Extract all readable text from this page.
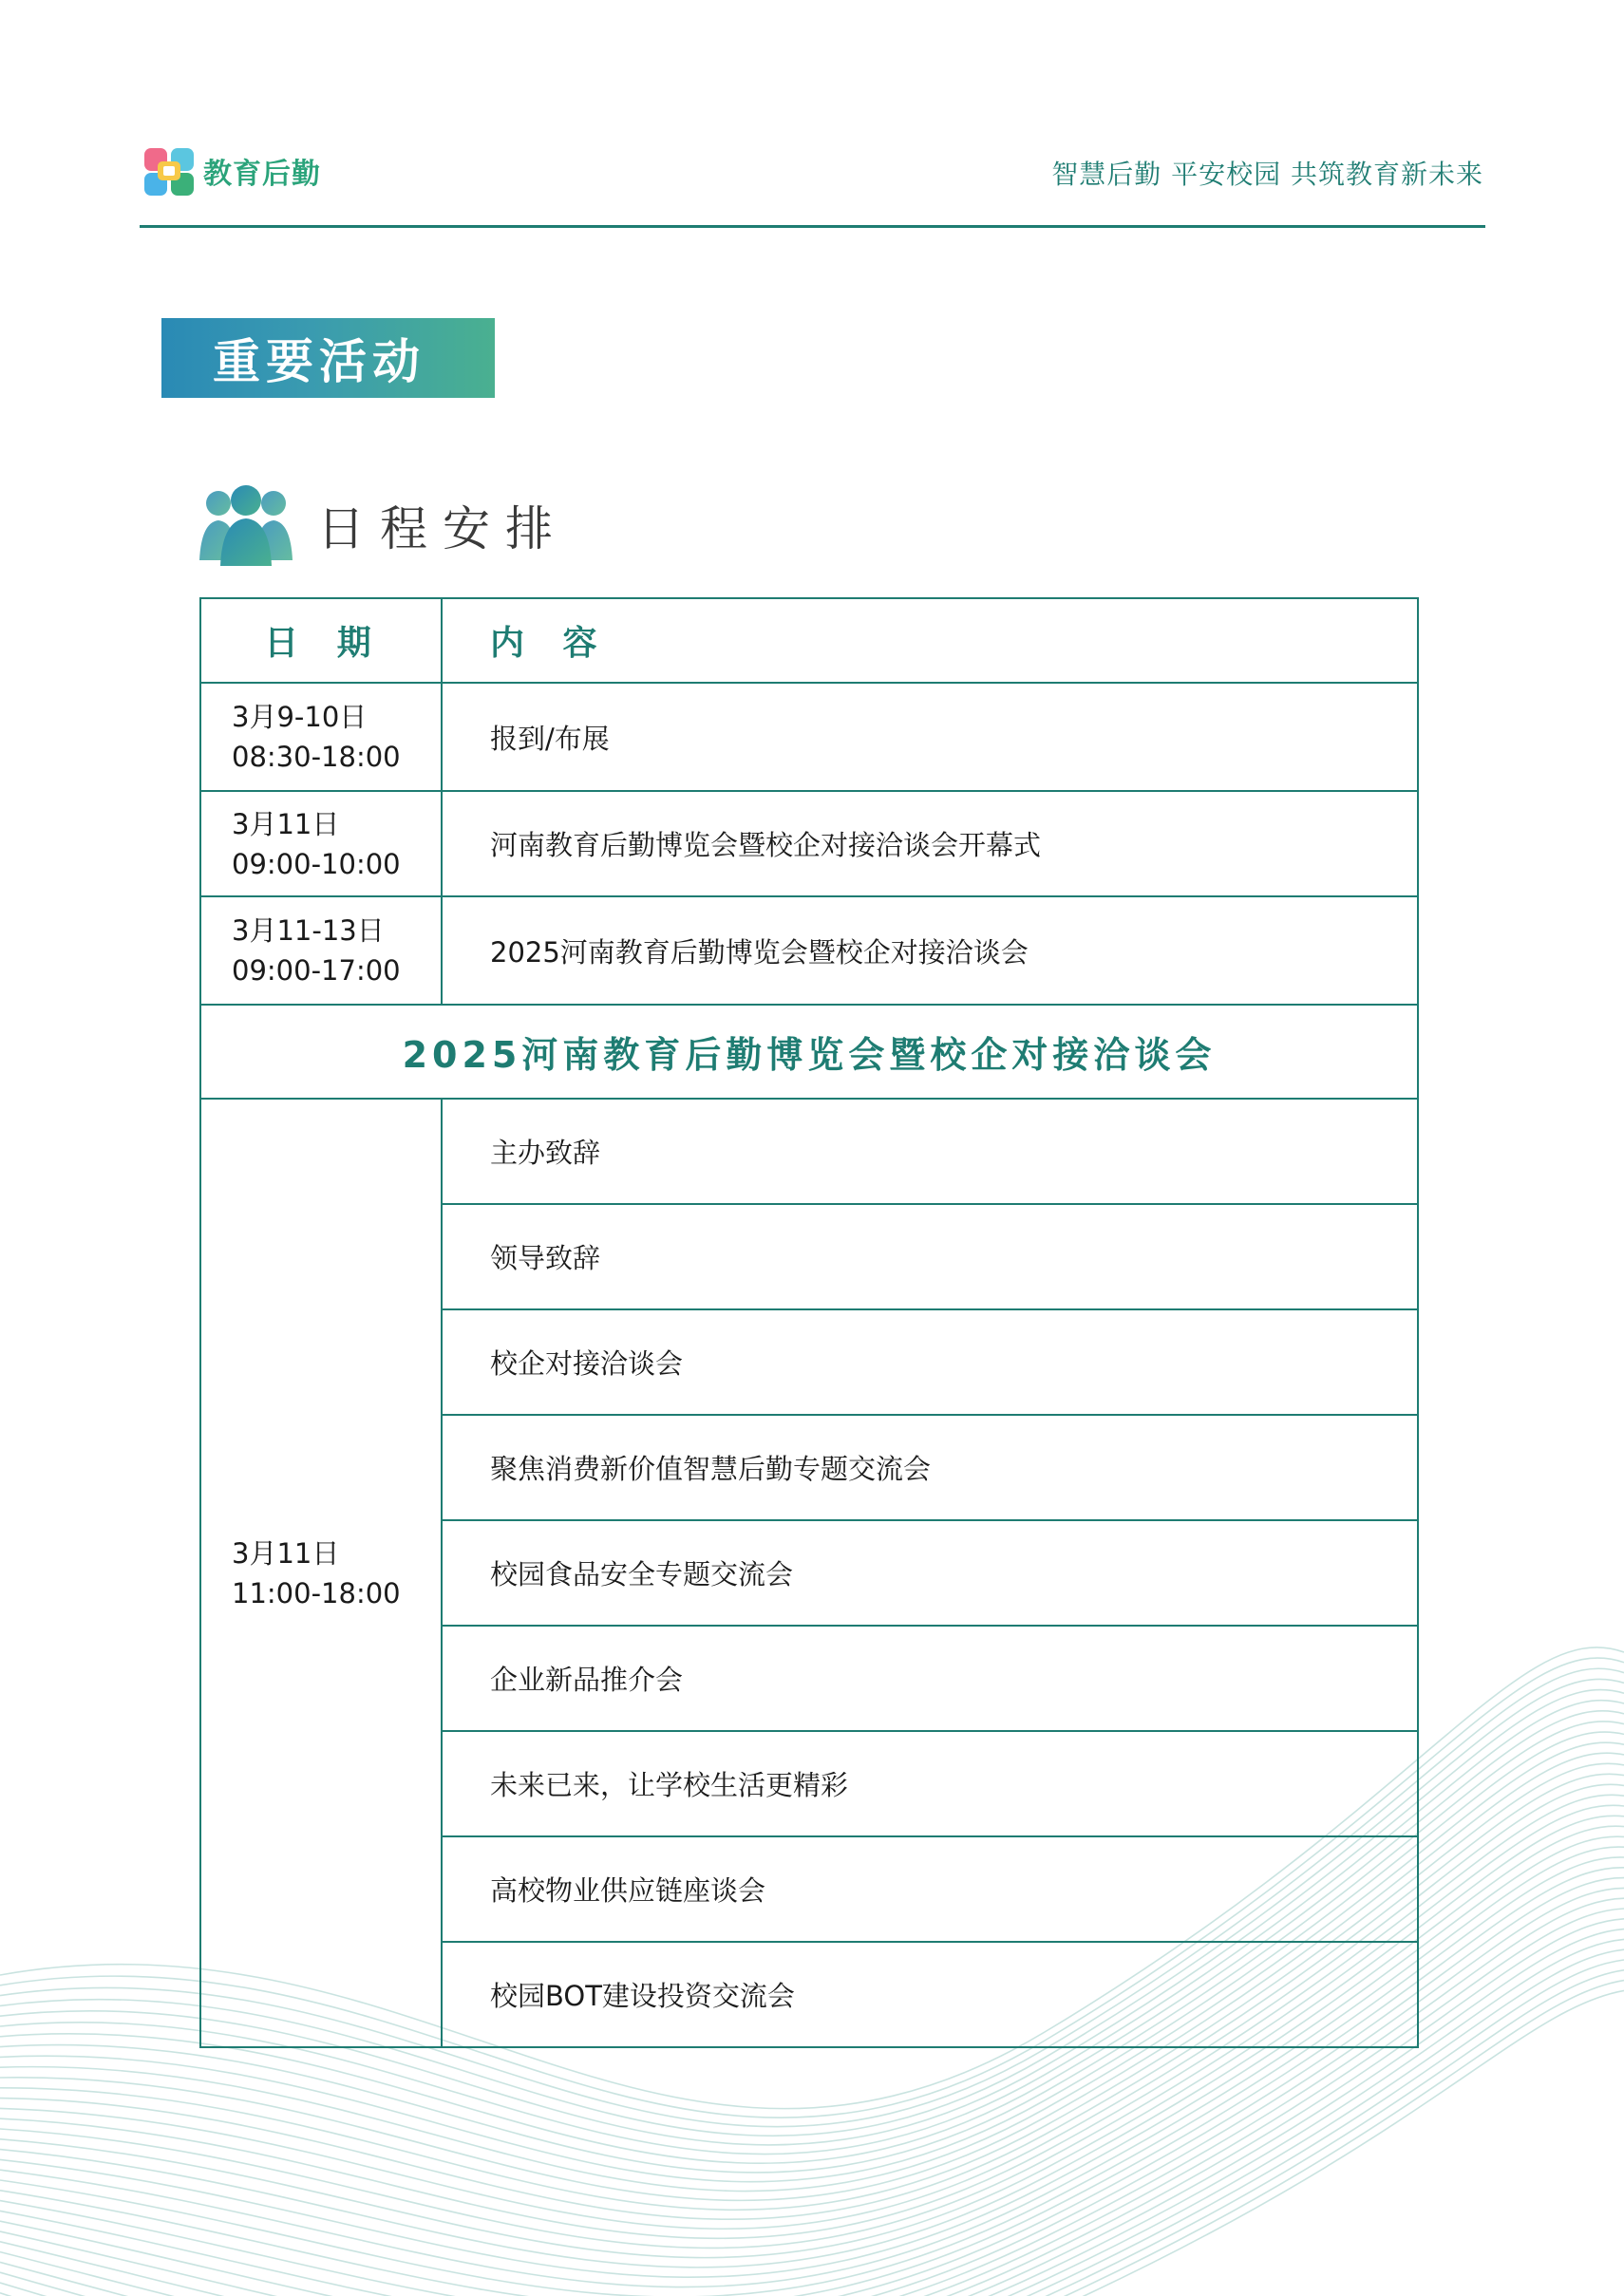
教育后勤	智慧后勤 平安校园 共筑教育新未来
重要活动
日程安排
日 期	内 容

3月9-10日
08:30-18:00	报到/布展

3月11日
09:00-10:00	河南教育后勤博览会暨校企对接洽谈会开幕式

3月11-13日
09:00-17:00	2025河南教育后勤博览会暨校企对接洽谈会
2025河南教育后勤博览会暨校企对接洽谈会	

3月11日
11:00-18:00	主办致辞
	领导致辞
	校企对接洽谈会
	聚焦消费新价值智慧后勤专题交流会
	校园食品安全专题交流会
	企业新品推介会
	未来已来，让学校生活更精彩
	高校物业供应链座谈会
	校园BOT建设投资交流会
